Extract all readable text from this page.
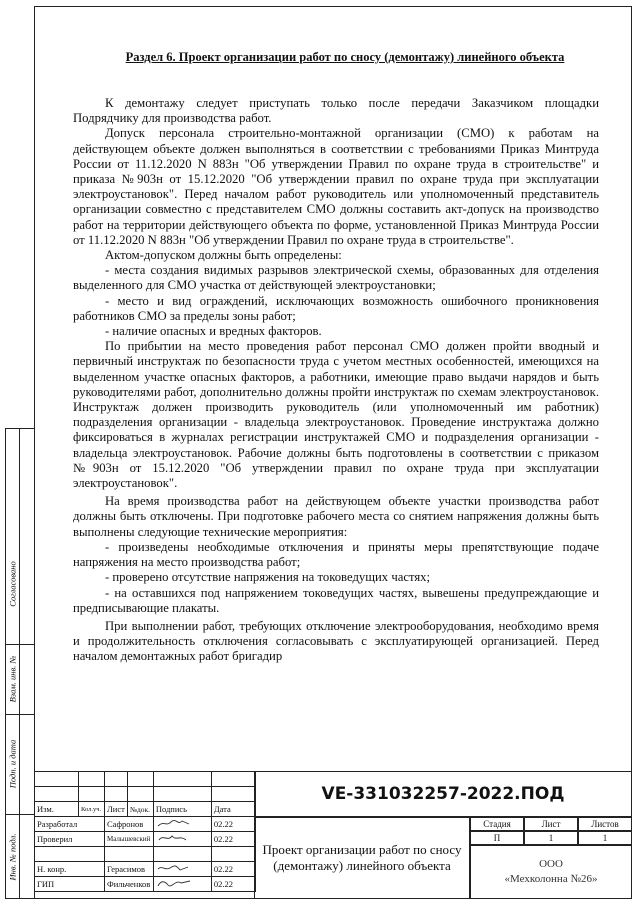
Раздел 6. Проект организации работ по сносу (демонтажу) линейного объекта

К демонтажу следует приступать только после передачи Заказчиком площадки Подрядчику для производства работ.

Допуск персонала строительно-монтажной организации (СМО) к работам на действующем объекте должен выполняться в соответствии с требованиями Приказ Минтруда России от 11.12.2020 N 883н "Об утверждении Правил по охране труда в строительстве" и приказа №903н от 15.12.2020 "Об утверждении правил по охране труда при эксплуатации электроустановок". Перед началом работ руководитель или уполномоченный представитель организации совместно с представителем СМО должны составить акт-допуск на производство работ на территории действующего объекта по форме, установленной Приказ Минтруда России от 11.12.2020 N 883н "Об утверждении Правил по охране труда в строительстве".

Актом-допуском должны быть определены:

- места создания видимых разрывов электрической схемы, образованных для отделения выделенного для СМО участка от действующей электроустановки;

- место и вид ограждений, исключающих возможность ошибочного проникновения работников СМО за пределы зоны работ;

- наличие опасных и вредных факторов.

По прибытии на место проведения работ персонал СМО должен пройти вводный и первичный инструктаж по безопасности труда с учетом местных особенностей, имеющихся на выделенном участке опасных факторов, а работники, имеющие право выдачи нарядов и быть руководителями работ, дополнительно должны пройти инструктаж по схемам электроустановок. Инструктаж должен производить руководитель (или уполномоченный им работник) подразделения организации - владельца электроустановок. Проведение инструктажа должно фиксироваться в журналах регистрации инструктажей СМО и подразделения организации - владельца электроустановок. Рабочие должны быть подготовлены в соответствии с приказом №903н от 15.12.2020 "Об утверждении правил по охране труда при эксплуатации электроустановок".

На время производства работ на действующем объекте участки производства работ должны быть отключены. При подготовке рабочего места со снятием напряжения должны быть выполнены следующие технические мероприятия:

- произведены необходимые отключения и приняты меры препятствующие подаче напряжения на место производства работ;

- проверено отсутствие напряжения на токоведущих частях;

- на оставшихся под напряжением токоведущих частях, вывешены предупреждающие и предписывающие плакаты.

При выполнении работ, требующих отключение электрооборудования, необходимо время и продолжительность отключения согласовывать с эксплуатирующей организацией. Перед началом демонтажных работ бригадир

Согласовано
Взам. инв. №
Подп. и дата
Инв. № подл.

Изм.	Кол.уч.	Лист	№док.	Подпись	Дата
Разработал		Сафронов			02.22
Проверил		Малышевский			02.22

Н. конр.		Герасимов			02.22
ГИП		Фильченков			02.22
VE-331032257-2022.ПОД
Проект организации работ по сносу (демонтажу) линейного объекта
Стадия	Лист	Листов
П	1	1
ООО
«Мехколонна №26»
